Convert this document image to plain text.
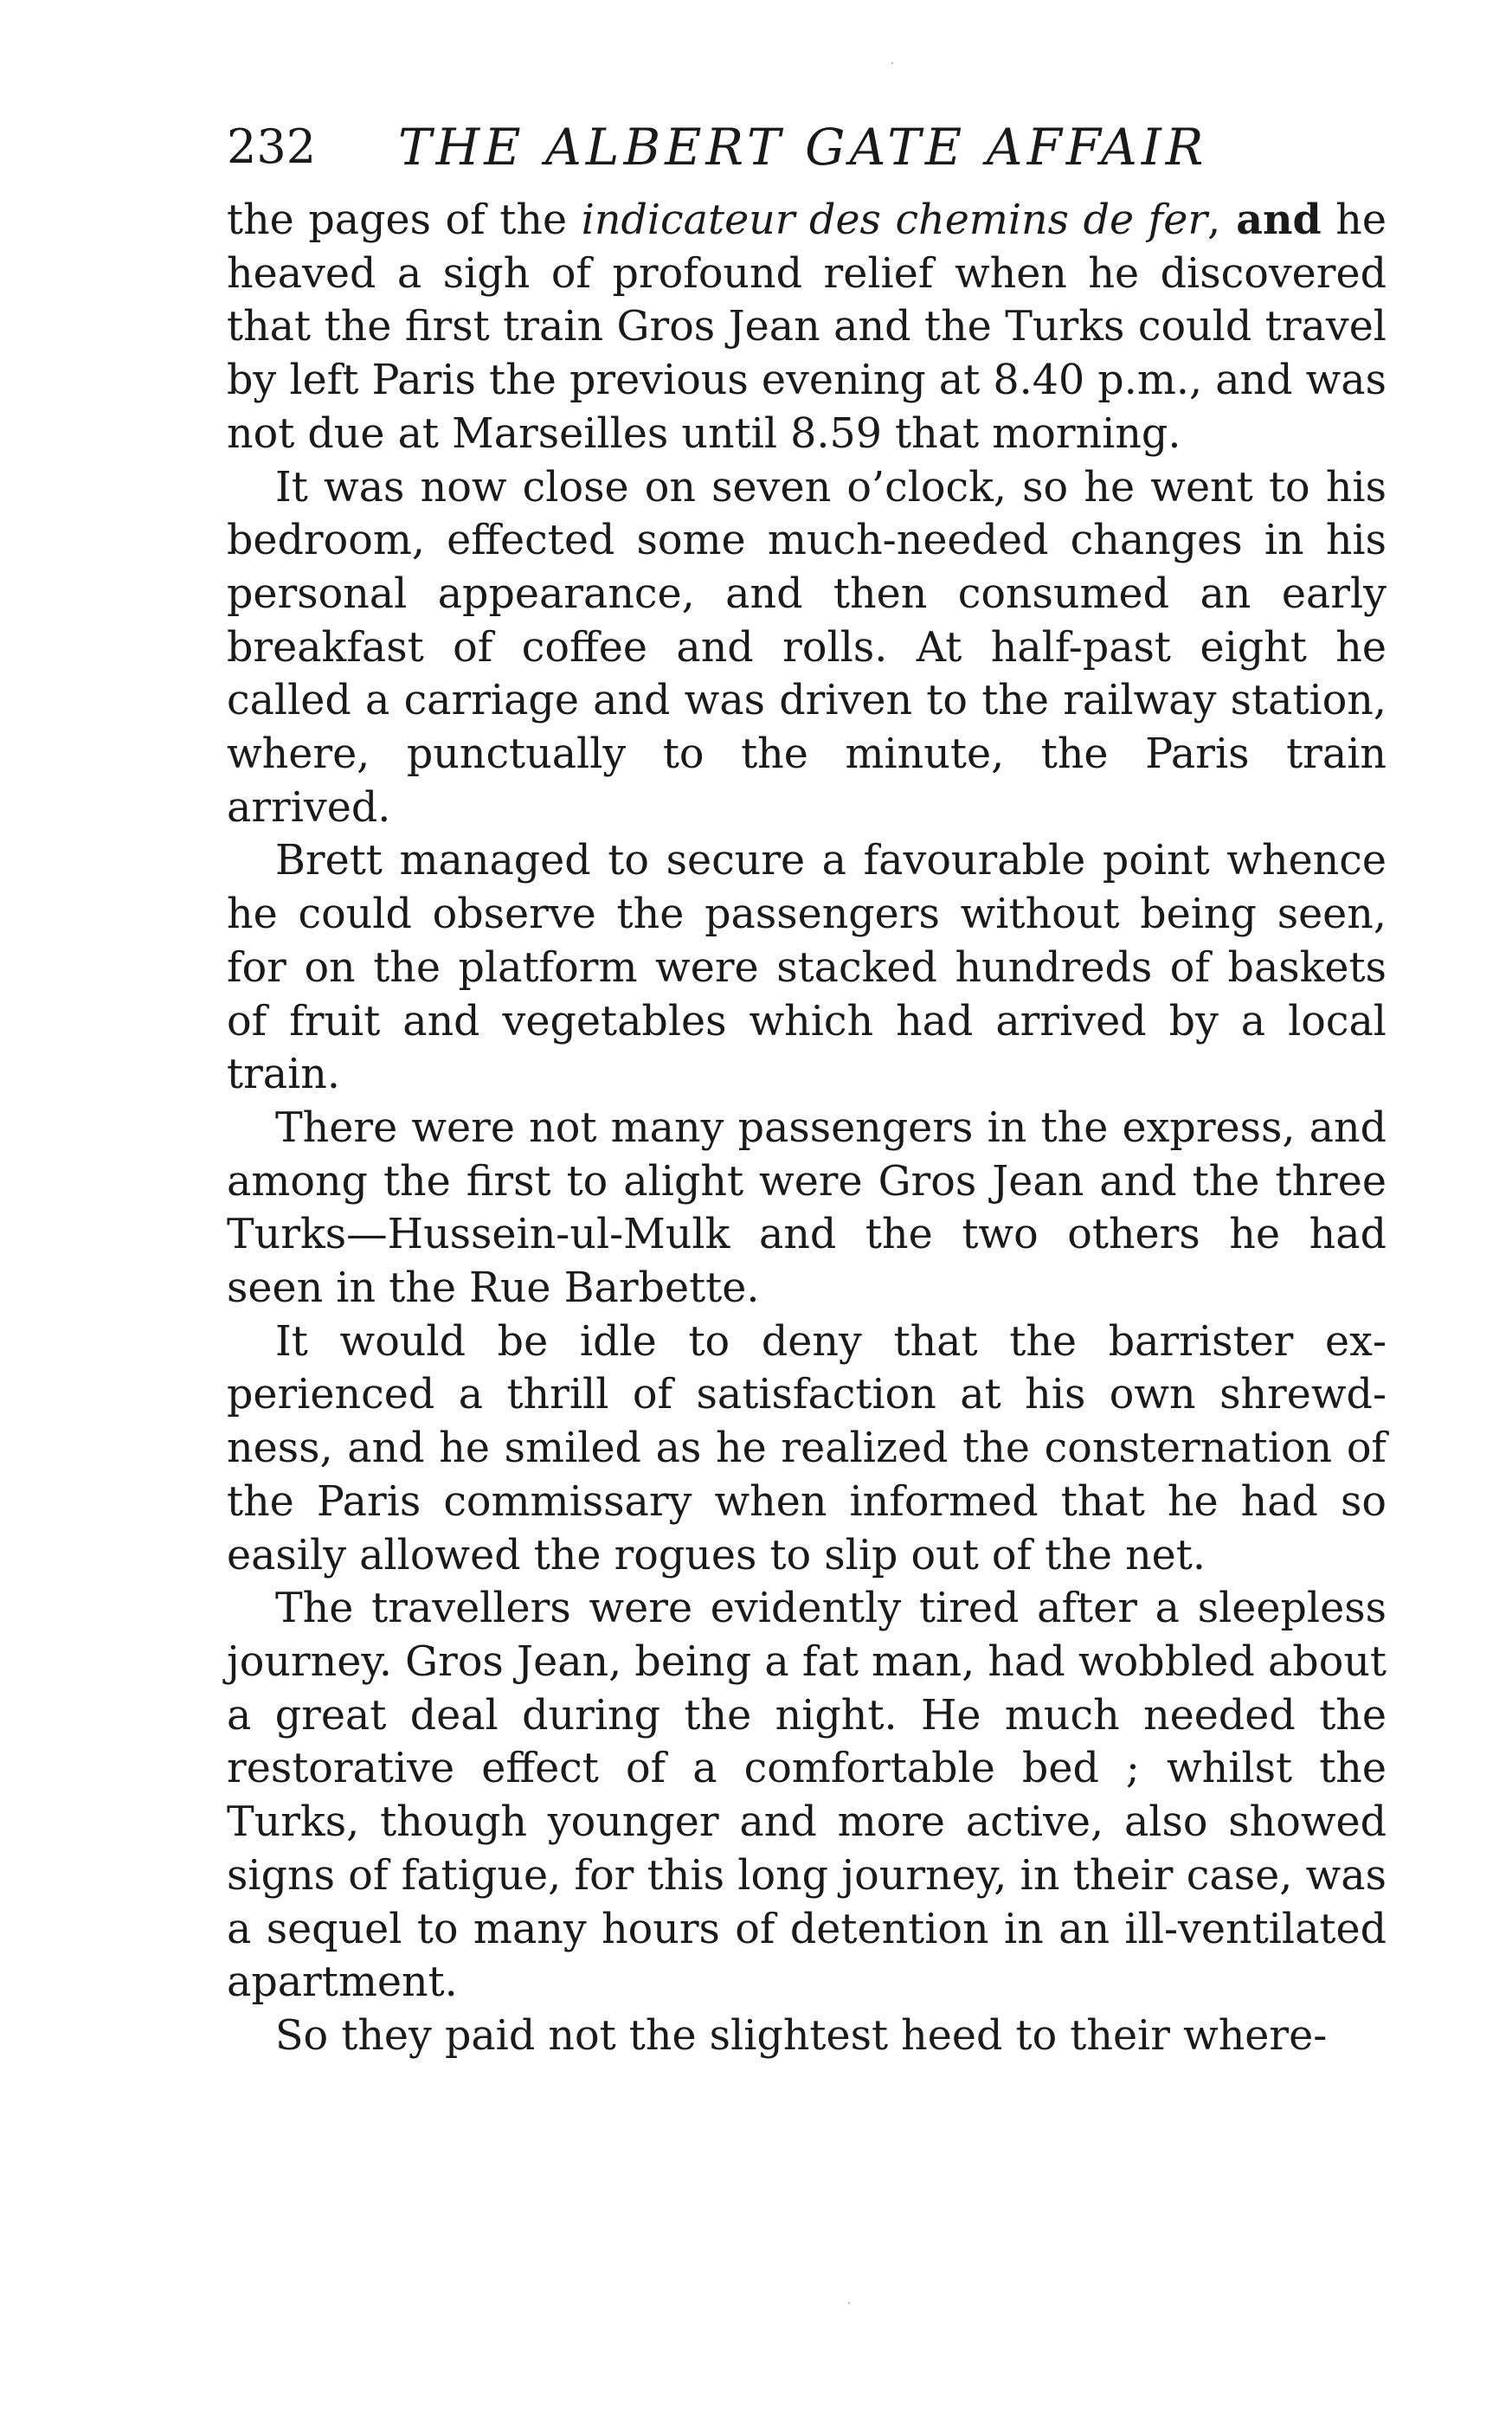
232 THE ALBERT GATE AFFAIR

the pages of the indicateur des chemins de fer, and he heaved a sigh of profound relief when he discovered that the first train Gros Jean and the Turks could travel by left Paris the previous evening at 8.40 p.m., and was not due at Marseilles until 8.59 that morning.

It was now close on seven o’clock, so he went to his bedroom, effected some much-needed changes in his personal appearance, and then consumed an early breakfast of coffee and rolls. At half-past eight he called a carriage and was driven to the railway station, where, punctually to the minute, the Paris train arrived.

Brett managed to secure a favourable point whence he could observe the passengers without being seen, for on the platform were stacked hundreds of baskets of fruit and vegetables which had arrived by a local train.

There were not many passengers in the express, and among the first to alight were Gros Jean and the three Turks—Hussein-ul-Mulk and the two others he had seen in the Rue Barbette.

It would be idle to deny that the barrister experienced a thrill of satisfaction at his own shrewdness, and he smiled as he realized the consternation of the Paris commissary when informed that he had so easily allowed the rogues to slip out of the net.

The travellers were evidently tired after a sleepless journey. Gros Jean, being a fat man, had wobbled about a great deal during the night. He much needed the restorative effect of a comfortable bed ; whilst the Turks, though younger and more active, also showed signs of fatigue, for this long journey, in their case, was a sequel to many hours of detention in an ill-ventilated apartment.

So they paid not the slightest heed to their where-
